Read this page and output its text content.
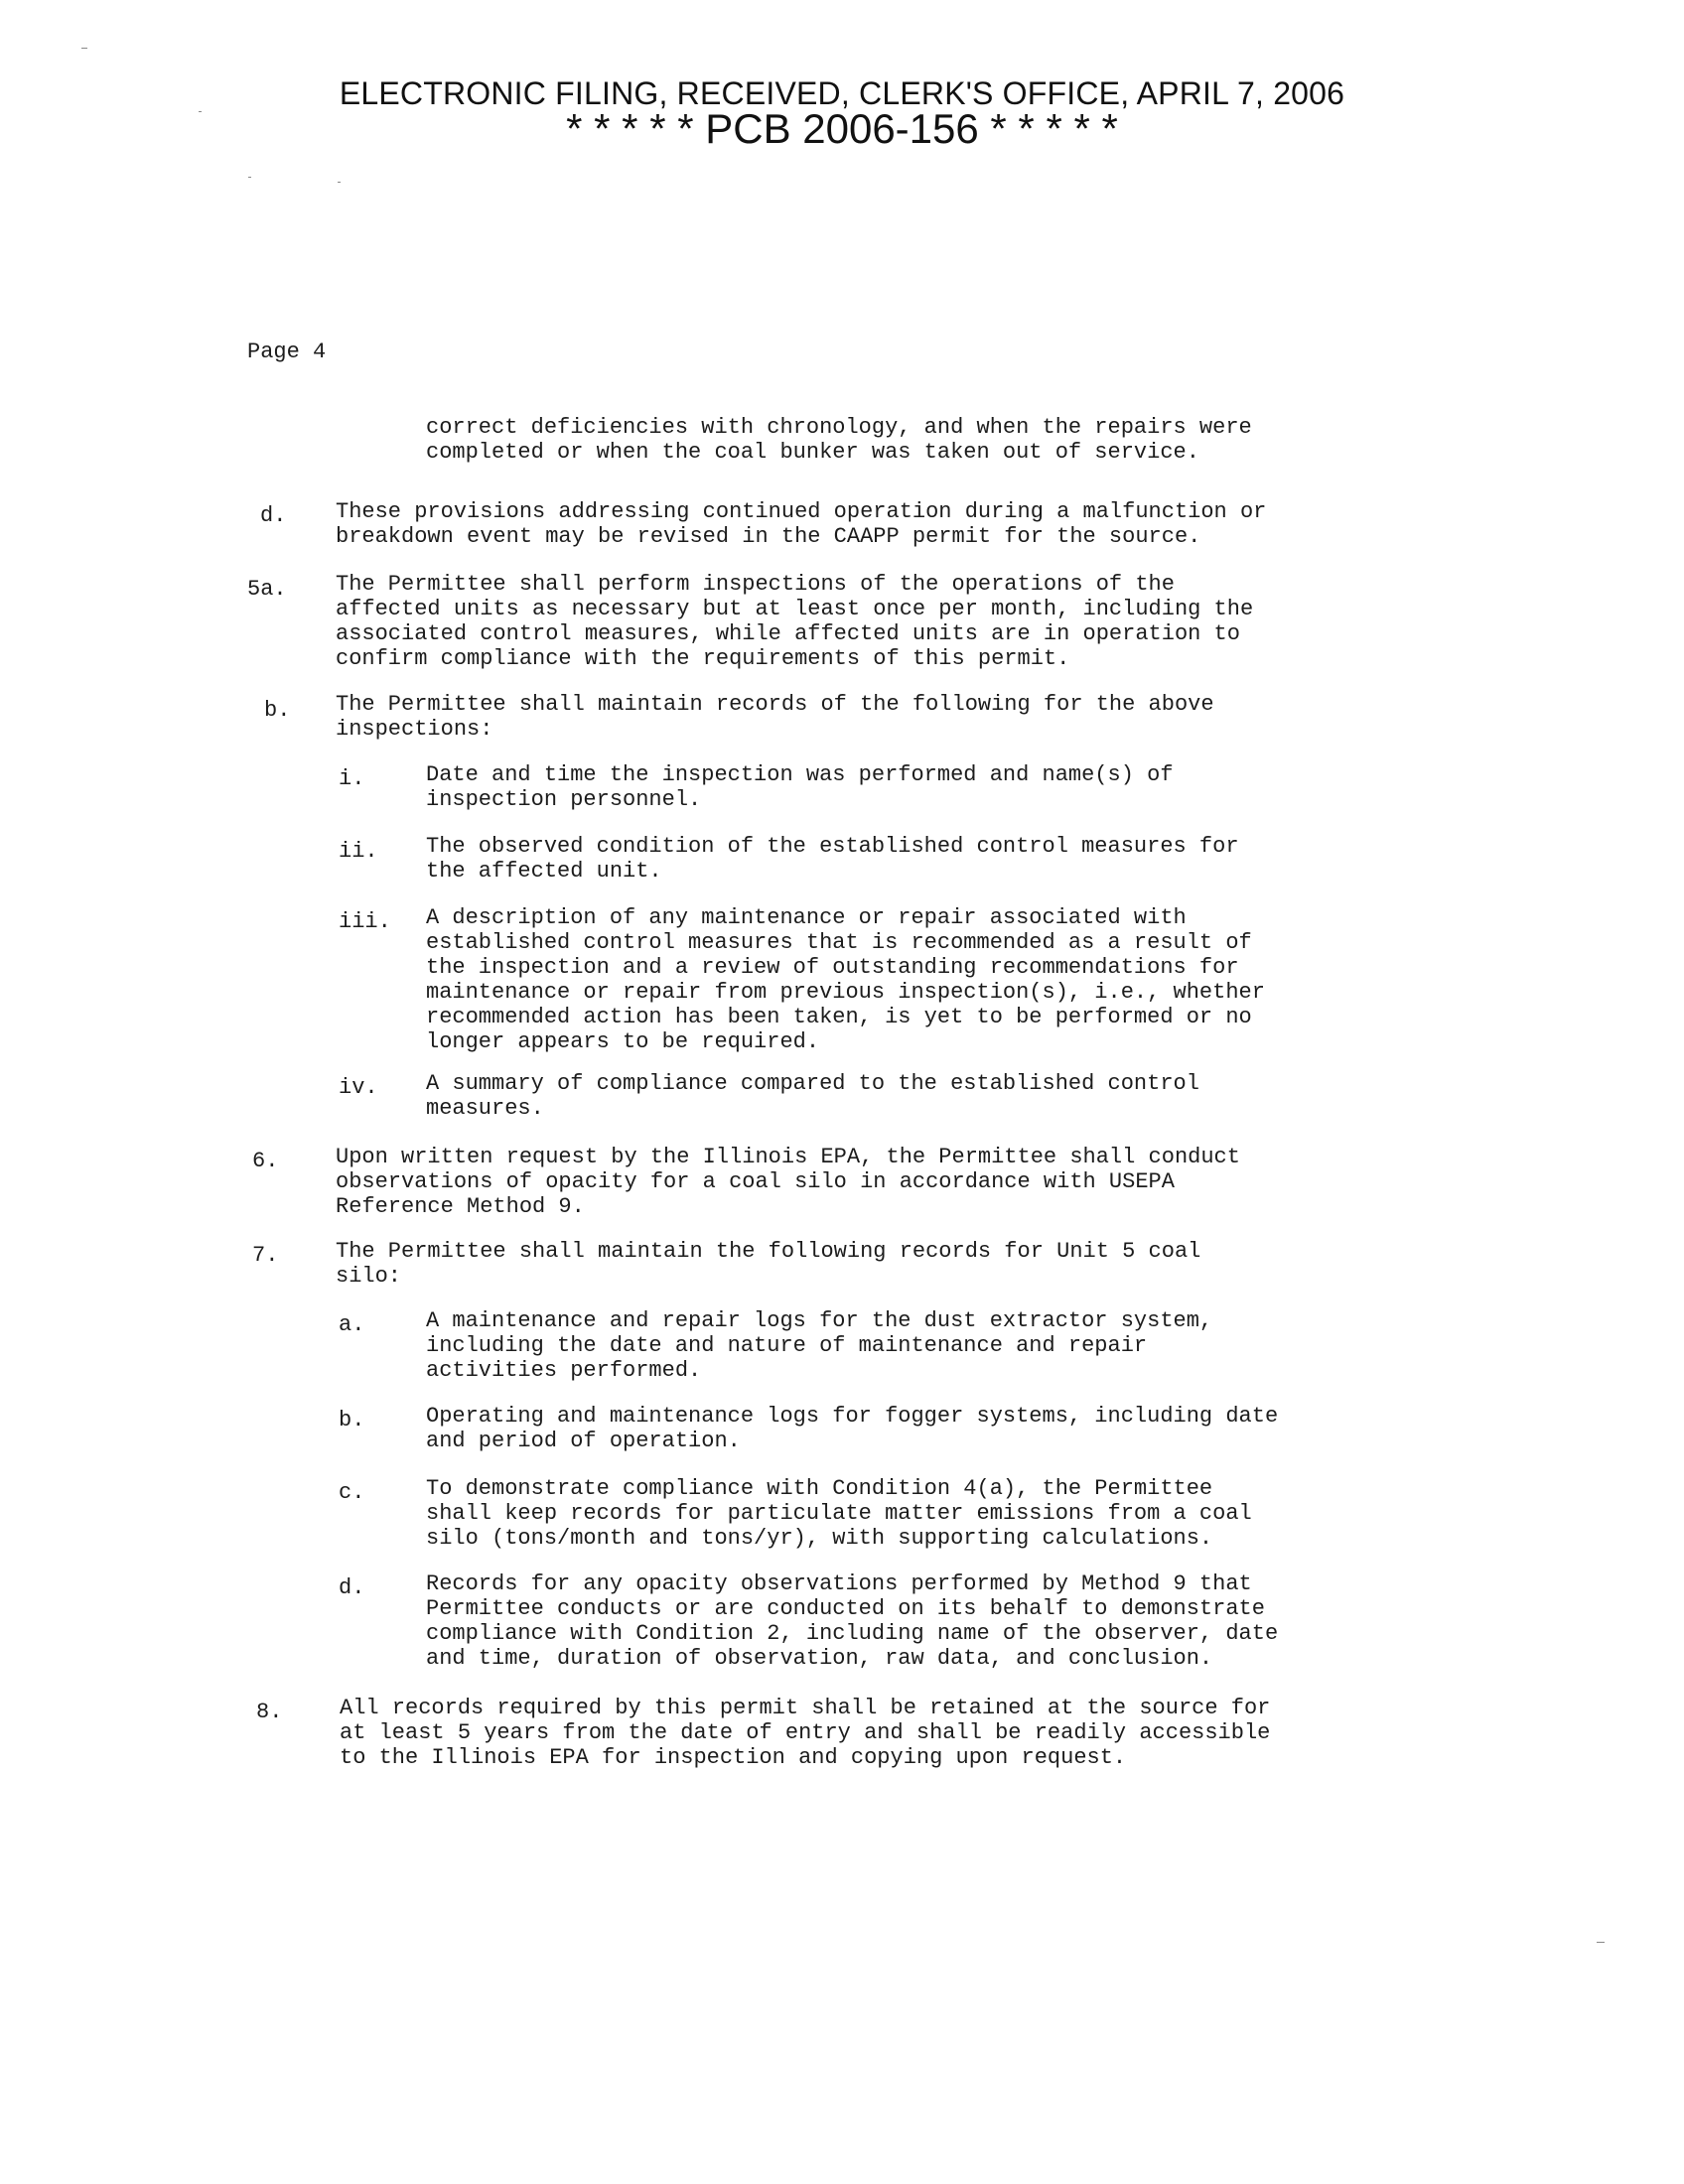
ELECTRONIC FILING, RECEIVED, CLERK'S OFFICE, APRIL 7, 2006
* * * * * PCB 2006-156 * * * * *
Page 4
correct deficiencies with chronology, and when the repairs were
completed or when the coal bunker was taken out of service.
d.	These provisions addressing continued operation during a malfunction or
breakdown event may be revised in the CAAPP permit for the source.
5a.	The Permittee shall perform inspections of the operations of the
affected units as necessary but at least once per month, including the
associated control measures, while affected units are in operation to
confirm compliance with the requirements of this permit.
b.	The Permittee shall maintain records of the following for the above
inspections:
i.	Date and time the inspection was performed and name(s) of
inspection personnel.
ii.	The observed condition of the established control measures for
the affected unit.
iii.	A description of any maintenance or repair associated with
established control measures that is recommended as a result of
the inspection and a review of outstanding recommendations for
maintenance or repair from previous inspection(s), i.e., whether
recommended action has been taken, is yet to be performed or no
longer appears to be required.
iv.	A summary of compliance compared to the established control
measures.
6.	Upon written request by the Illinois EPA, the Permittee shall conduct
observations of opacity for a coal silo in accordance with USEPA
Reference Method 9.
7.	The Permittee shall maintain the following records for Unit 5 coal
silo:
a.	A maintenance and repair logs for the dust extractor system,
including the date and nature of maintenance and repair
activities performed.
b.	Operating and maintenance logs for fogger systems, including date
and period of operation.
c.	To demonstrate compliance with Condition 4(a), the Permittee
shall keep records for particulate matter emissions from a coal
silo (tons/month and tons/yr), with supporting calculations.
d.	Records for any opacity observations performed by Method 9 that
Permittee conducts or are conducted on its behalf to demonstrate
compliance with Condition 2, including name of the observer, date
and time, duration of observation, raw data, and conclusion.
8.	All records required by this permit shall be retained at the source for
at least 5 years from the date of entry and shall be readily accessible
to the Illinois EPA for inspection and copying upon request.
